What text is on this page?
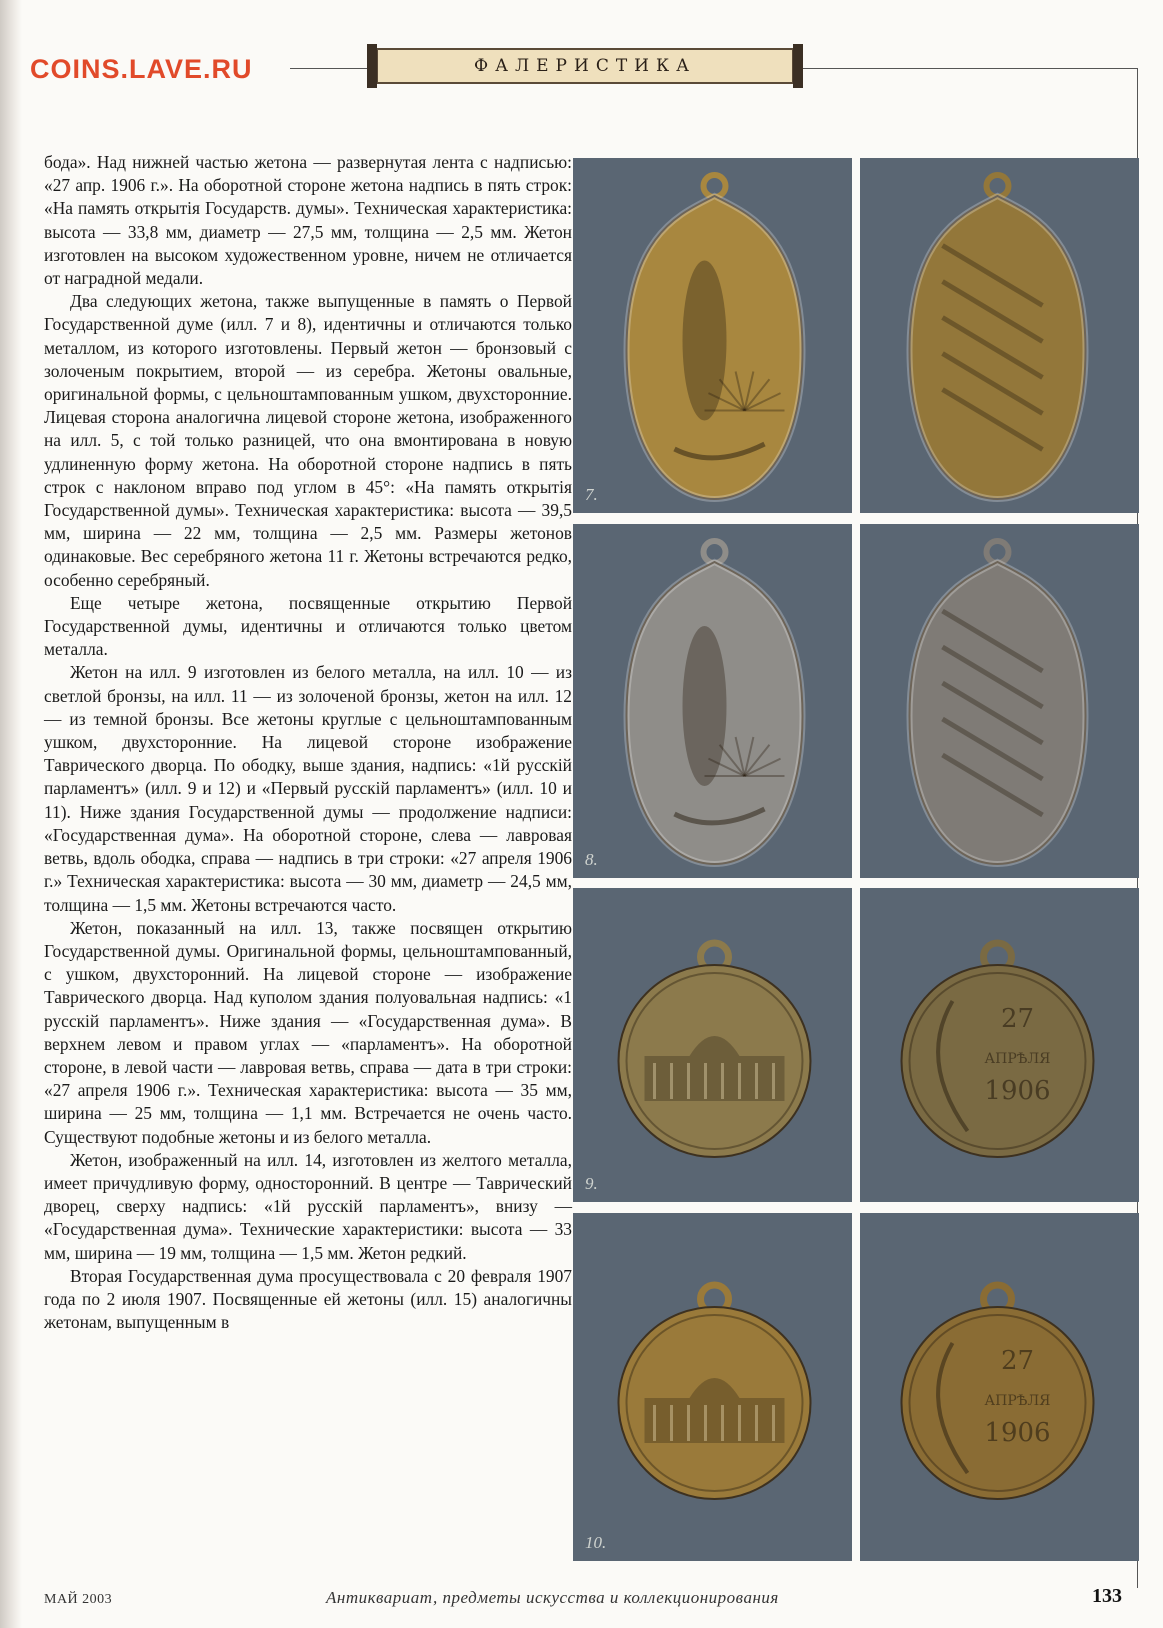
COINS.LAVE.RU	ФАЛЕРИСТИКА

бода». Над нижней частью жетона — развернутая лента с надписью: «27 апр. 1906 г.». На оборотной стороне жетона надпись в пять строк: «На память открытія Государств. думы». Техническая характеристика: высота — 33,8 мм, диаметр — 27,5 мм, толщина — 2,5 мм. Жетон изготовлен на высоком художественном уровне, ничем не отличается от наградной медали.

Два следующих жетона, также выпущенные в память о Первой Государственной думе (илл. 7 и 8), идентичны и отличаются только металлом, из которого изготовлены. Первый жетон — бронзовый с золоченым покрытием, второй — из серебра. Жетоны овальные, оригинальной формы, с цельноштампованным ушком, двухсторонние. Лицевая сторона аналогична лицевой стороне жетона, изображенного на илл. 5, с той только разницей, что она вмонтирована в новую удлиненную форму жетона. На оборотной стороне надпись в пять строк с наклоном вправо под углом в 45°: «На память открытія Государственной думы». Техническая характеристика: высота — 39,5 мм, ширина — 22 мм, толщина — 2,5 мм. Размеры жетонов одинаковые. Вес серебряного жетона 11 г. Жетоны встречаются редко, особенно серебряный.

Еще четыре жетона, посвященные открытию Первой Государственной думы, идентичны и отличаются только цветом металла.

Жетон на илл. 9 изготовлен из белого металла, на илл. 10 — из светлой бронзы, на илл. 11 — из золоченой бронзы, жетон на илл. 12 — из темной бронзы. Все жетоны круглые с цельноштампованным ушком, двухсторонние. На лицевой стороне изображение Таврического дворца. По ободку, выше здания, надпись: «1й русскій парламентъ» (илл. 9 и 12) и «Первый русскій парламентъ» (илл. 10 и 11). Ниже здания Государственной думы — продолжение надписи: «Государственная дума». На оборотной стороне, слева — лавровая ветвь, вдоль ободка, справа — надпись в три строки: «27 апреля 1906 г.» Техническая характеристика: высота — 30 мм, диаметр — 24,5 мм, толщина — 1,5 мм. Жетоны встречаются часто.

Жетон, показанный на илл. 13, также посвящен открытию Государственной думы. Оригинальной формы, цельноштампованный, с ушком, двухсторонний. На лицевой стороне — изображение Таврического дворца. Над куполом здания полуовальная надпись: «1 русскій парламентъ». Ниже здания — «Государственная дума». В верхнем левом и правом углах — «парламентъ». На оборотной стороне, в левой части — лавровая ветвь, справа — дата в три строки: «27 апреля 1906 г.». Техническая характеристика: высота — 35 мм, ширина — 25 мм, толщина — 1,1 мм. Встречается не очень часто. Существуют подобные жетоны и из белого металла.

Жетон, изображенный на илл. 14, изготовлен из желтого металла, имеет причудливую форму, односторонний. В центре — Таврический дворец, сверху надпись: «1й русскій парламентъ», внизу — «Государственная дума». Технические характеристики: высота — 33 мм, ширина — 19 мм, толщина — 1,5 мм. Жетон редкий.

Вторая Государственная дума просуществовала с 20 февраля 1907 года по 2 июля 1907. Посвященные ей жетоны (илл. 15) аналогичны жетонам, выпущенным в

7.
8.
27
АПРѢЛЯ
1906
9.
27
АПРѢЛЯ
1906
10.
МАЙ 2003	Антиквариат, предметы искусства и коллекционирования	133
